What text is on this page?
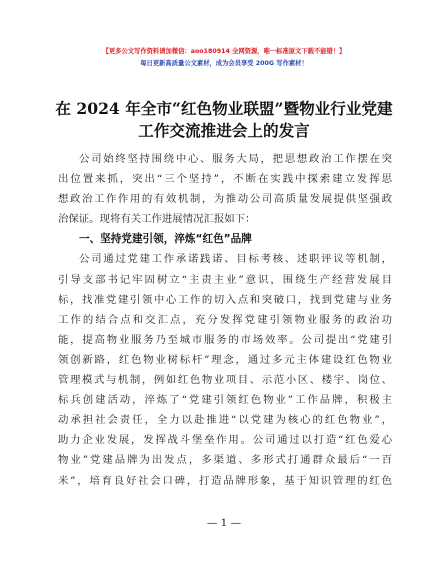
【更多公文写作资料请加微信：aoo180914 全网资源，唯一标准原文下载不能错！】
每日更新高质量公文素材，成为会员享受 200G 写作素材！
在 2024 年全市“红色物业联盟”暨物业行业党建
工作交流推进会上的发言
公司始终坚持围绕中心、服务大局，把思想政治工作摆在突
出位置来抓，突出“三个坚持”，不断在实践中探索建立发挥思
想政治工作作用的有效机制，为推动公司高质量发展提供坚强政
治保证。现将有关工作进展情况汇报如下：
一、坚持党建引领，淬炼“红色”品牌
公司通过党建工作承诺践诺、目标考核、述职评议等机制，
引导支部书记牢固树立“主责主业”意识，围绕生产经营发展目
标，找准党建引领中心工作的切入点和突破口，找到党建与业务
工作的结合点和交汇点，充分发挥党建引领物业服务的政治功
能，提高物业服务乃至城市服务的市场效率。公司提出“党建引
领创新路，红色物业树标杆”理念，通过多元主体建设红色物业
管理模式与机制，例如红色物业项目、示范小区、楼宇、岗位、
标兵创建活动，淬炼了“党建引领红色物业”工作品牌，积极主
动承担社会责任，全力以赴推进“以党建为核心的红色物业”，
助力企业发展，发挥战斗堡垒作用。公司通过以打造“红色爱心
物业”党建品牌为出发点，多渠道、多形式打通群众最后“一百
米”，培育良好社会口碑，打造品牌形象，基于知识管理的红色
— 1 —
